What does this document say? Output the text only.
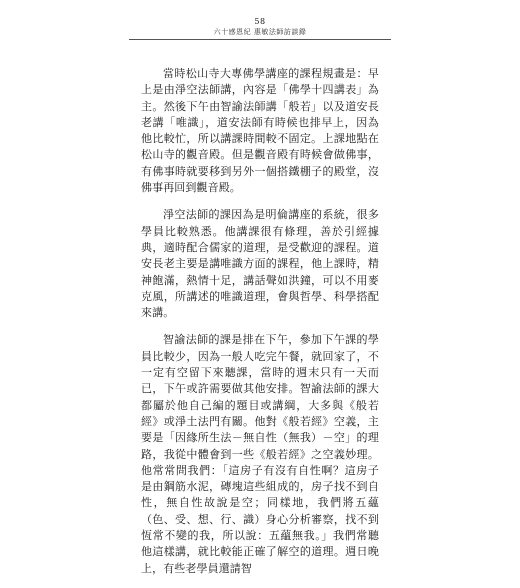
58
六十感恩紀 惠敏法師訪談錄

當時松山寺大專佛學講座的課程規畫是：早上是由淨空法師講，內容是「佛學十四講表」為主。然後下午由智諭法師講「般若」以及道安長老講「唯識」，道安法師有時候也排早上，因為他比較忙，所以講課時間較不固定。上課地點在松山寺的觀音殿。但是觀音殿有時候會做佛事，有佛事時就要移到另外一個搭鐵棚子的殿堂，沒佛事再回到觀音殿。

淨空法師的課因為是明倫講座的系統，很多學員比較熟悉。他講課很有條理，善於引經據典，適時配合儒家的道理，是受歡迎的課程。道安長老主要是講唯識方面的課程，他上課時，精神飽滿，熱情十足，講話聲如洪鐘，可以不用麥克風，所講述的唯識道理，會與哲學、科學搭配來講。

智諭法師的課是排在下午，參加下午課的學員比較少，因為一般人吃完午餐，就回家了，不一定有空留下來聽課，當時的週末只有一天而已，下午或許需要做其他安排。智諭法師的課大都屬於他自己編的題目或講綱，大多與《般若經》或淨土法門有關。他對《般若經》空義，主要是「因緣所生法－無自性（無我）－空」的理路，我從中體會到一些《般若經》之空義妙理。他常常問我們：「這房子有沒有自性啊？這房子是由鋼筋水泥，磚塊這些組成的，房子找不到自性，無自性故說是空；同樣地，我們將五蘊（色、受、想、行、識）身心分析審察，找不到恆常不變的我，所以說：五蘊無我。」我們常聽他這樣講，就比較能正確了解空的道理。週日晚上，有些老學員還請智
